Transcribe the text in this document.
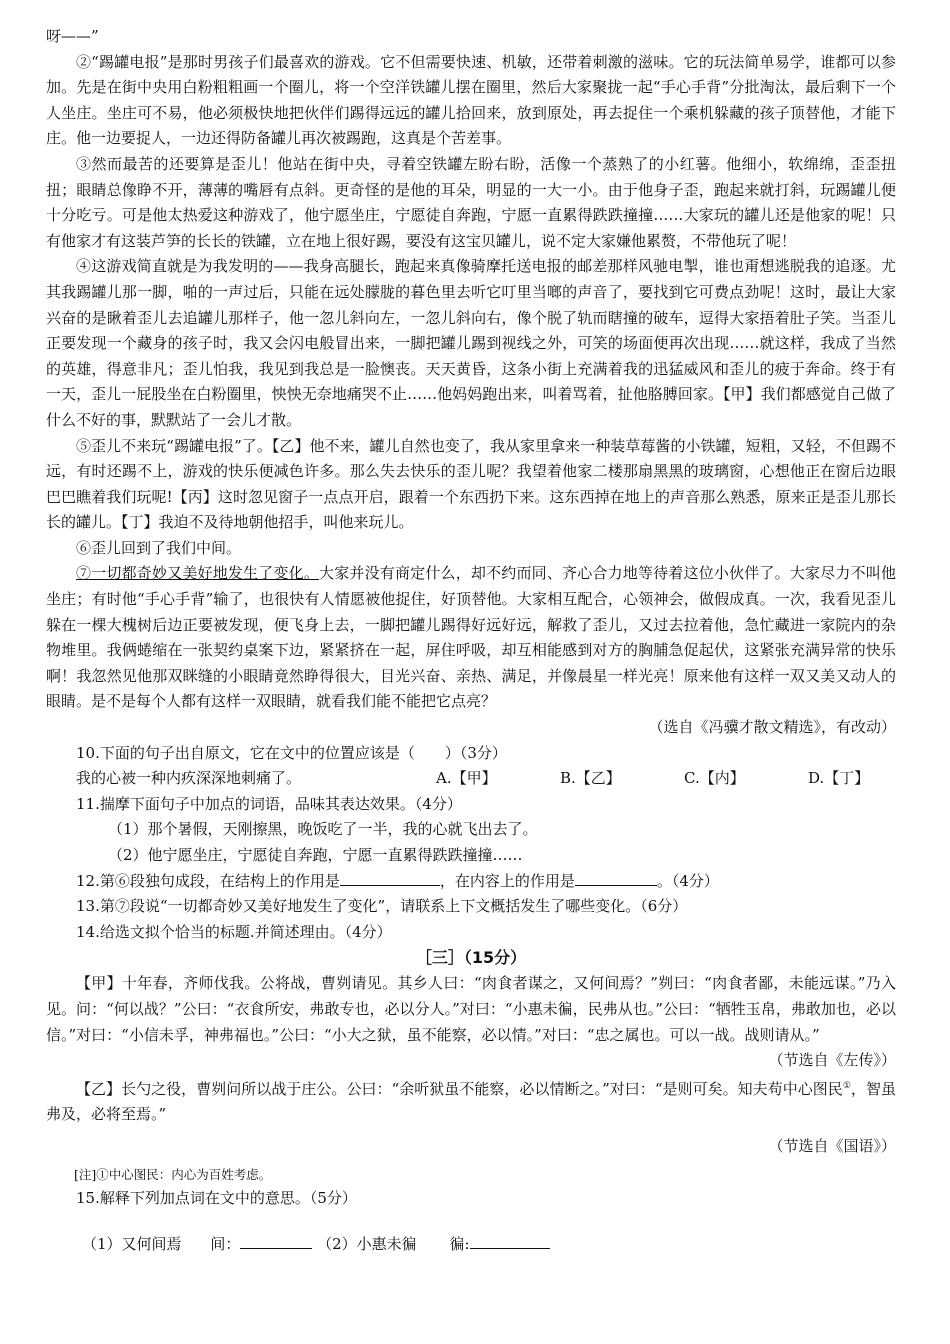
呀——”

②“踢罐电报”是那时男孩子们最喜欢的游戏。它不但需要快速、机敏，还带着刺激的滋味。它的玩法简单易学，谁都可以参加。先是在街中央用白粉粗粗画一个圈儿，将一个空洋铁罐儿摆在圈里，然后大家聚拢一起“手心手背”分批淘汰，最后剩下一个人坐庄。坐庄可不易，他必须极快地把伙伴们踢得远远的罐儿拾回来，放到原处，再去捉住一个乘机躲藏的孩子顶替他，才能下庄。他一边要捉人，一边还得防备罐儿再次被踢跑，这真是个苦差事。

③然而最苦的还要算是歪儿！他站在街中央，寻着空铁罐左盼右盼，活像一个蒸熟了的小红薯。他细小，软绵绵，歪歪扭扭；眼睛总像睁不开，薄薄的嘴唇有点斜。更奇怪的是他的耳朵，明显的一大一小。由于他身子歪，跑起来就打斜，玩踢罐儿便十分吃亏。可是他太热爱这种游戏了，他宁愿坐庄，宁愿徒自奔跑，宁愿一直累得跌跌撞撞……大家玩的罐儿还是他家的呢！只有他家才有这装芦笋的长长的铁罐，立在地上很好踢，要没有这宝贝罐儿，说不定大家嫌他累赘，不带他玩了呢！

④这游戏简直就是为我发明的——我身高腿长，跑起来真像骑摩托送电报的邮差那样风驰电掣，谁也甭想逃脱我的追逐。尤其我踢罐儿那一脚，啪的一声过后，只能在远处朦胧的暮色里去听它叮里当啷的声音了，要找到它可费点劲呢！这时，最让大家兴奋的是瞅着歪儿去追罐儿那样子，他一忽儿斜向左，一忽儿斜向右，像个脱了轨而瞎撞的破车，逗得大家捂着肚子笑。当歪儿正要发现一个藏身的孩子时，我又会闪电般冒出来，一脚把罐儿踢到视线之外，可笑的场面便再次出现……就这样，我成了当然的英雄，得意非凡；歪儿怕我，我见到我总是一脸懊丧。天天黄昏，这条小街上充满着我的迅猛威风和歪儿的疲于奔命。终于有一天，歪儿一屁股坐在白粉圈里，怏怏无奈地痛哭不止……他妈妈跑出来，叫着骂着，扯他胳膊回家。【甲】我们都感觉自己做了什么不好的事，默默站了一会儿才散。

⑤歪儿不来玩“踢罐电报”了。【乙】他不来，罐儿自然也变了，我从家里拿来一种装草莓酱的小铁罐，短粗，又轻，不但踢不远，有时还踢不上，游戏的快乐便减色许多。那么失去快乐的歪儿呢？我望着他家二楼那扇黑黑的玻璃窗，心想他正在窗后边眼巴巴瞧着我们玩呢!【丙】这时忽见窗子一点点开启，跟着一个东西扔下来。这东西掉在地上的声音那么熟悉，原来正是歪儿那长长的罐儿。【丁】我迫不及待地朝他招手，叫他来玩儿。

⑥歪儿回到了我们中间。

⑦一切都奇妙又美好地发生了变化。大家并没有商定什么，却不约而同、齐心合力地等待着这位小伙伴了。大家尽力不叫他坐庄；有时他“手心手背”输了，也很快有人情愿被他捉住，好顶替他。大家相互配合，心领神会，做假成真。一次，我看见歪儿躲在一棵大槐树后边正要被发现，便飞身上去，一脚把罐儿踢得好远好远，解救了歪儿，又过去拉着他，急忙藏进一家院内的杂物堆里。我俩蜷缩在一张契约桌案下边，紧紧挤在一起，屏住呼吸，却互相能感到对方的胸脯急促起伏，这紧张充满异常的快乐啊！我忽然见他那双眯缝的小眼睛竟然睁得很大，目光兴奋、亲热、满足，并像晨星一样光亮！原来他有这样一双又美又动人的眼睛。是不是每个人都有这样一双眼睛，就看我们能不能把它点亮？

（选自《冯骥才散文精选》，有改动）
10.下面的句子出自原文，它在文中的位置应该是（　　）（3分）
我的心被一种内疚深深地刺痛了。	A.【甲】	B.【乙】	C.【内】	D.【丁】
11.揣摩下面句子中加点的词语，品味其表达效果。（4分）
（1）那个暑假，天刚擦黑，晚饭吃了一半，我的心就飞出去了。
（2）他宁愿坐庄，宁愿徒自奔跑，宁愿一直累得跌跌撞撞……
12.第⑥段独句成段，在结构上的作用是	，在内容上的作用是	。（4分）
13.第⑦段说“一切都奇妙又美好地发生了变化”，请联系上下文概括发生了哪些变化。（6分）
14.给选文拟个恰当的标题.并简述理由。（4分）
［三］（15分）

【甲】十年春，齐师伐我。公将战，曹刿请见。其乡人曰：“肉食者谋之，又何间焉？”刿曰：“肉食者鄙，未能远谋。”乃入见。问：“何以战？”公曰：“衣食所安，弗敢专也，必以分人。”对曰：“小惠未徧，民弗从也。”公曰：“牺牲玉帛，弗敢加也，必以信。”对曰：“小信未孚，神弗福也。”公曰：“小大之狱，虽不能察，必以情。”对曰：“忠之属也。可以一战。战则请从。”

（节选自《左传》）

【乙】长勺之役，曹刿问所以战于庄公。公曰：“余听狱虽不能察，必以情断之。”对曰：“是则可矣。知夫苟中心图民①，智虽弗及，必将至焉。”

（节选自《国语》）
[注]①中心图民：内心为百姓考虑。
15.解释下列加点词在文中的意思。（5分）
（1）又何间焉 间：	（2）小惠未徧 徧:
